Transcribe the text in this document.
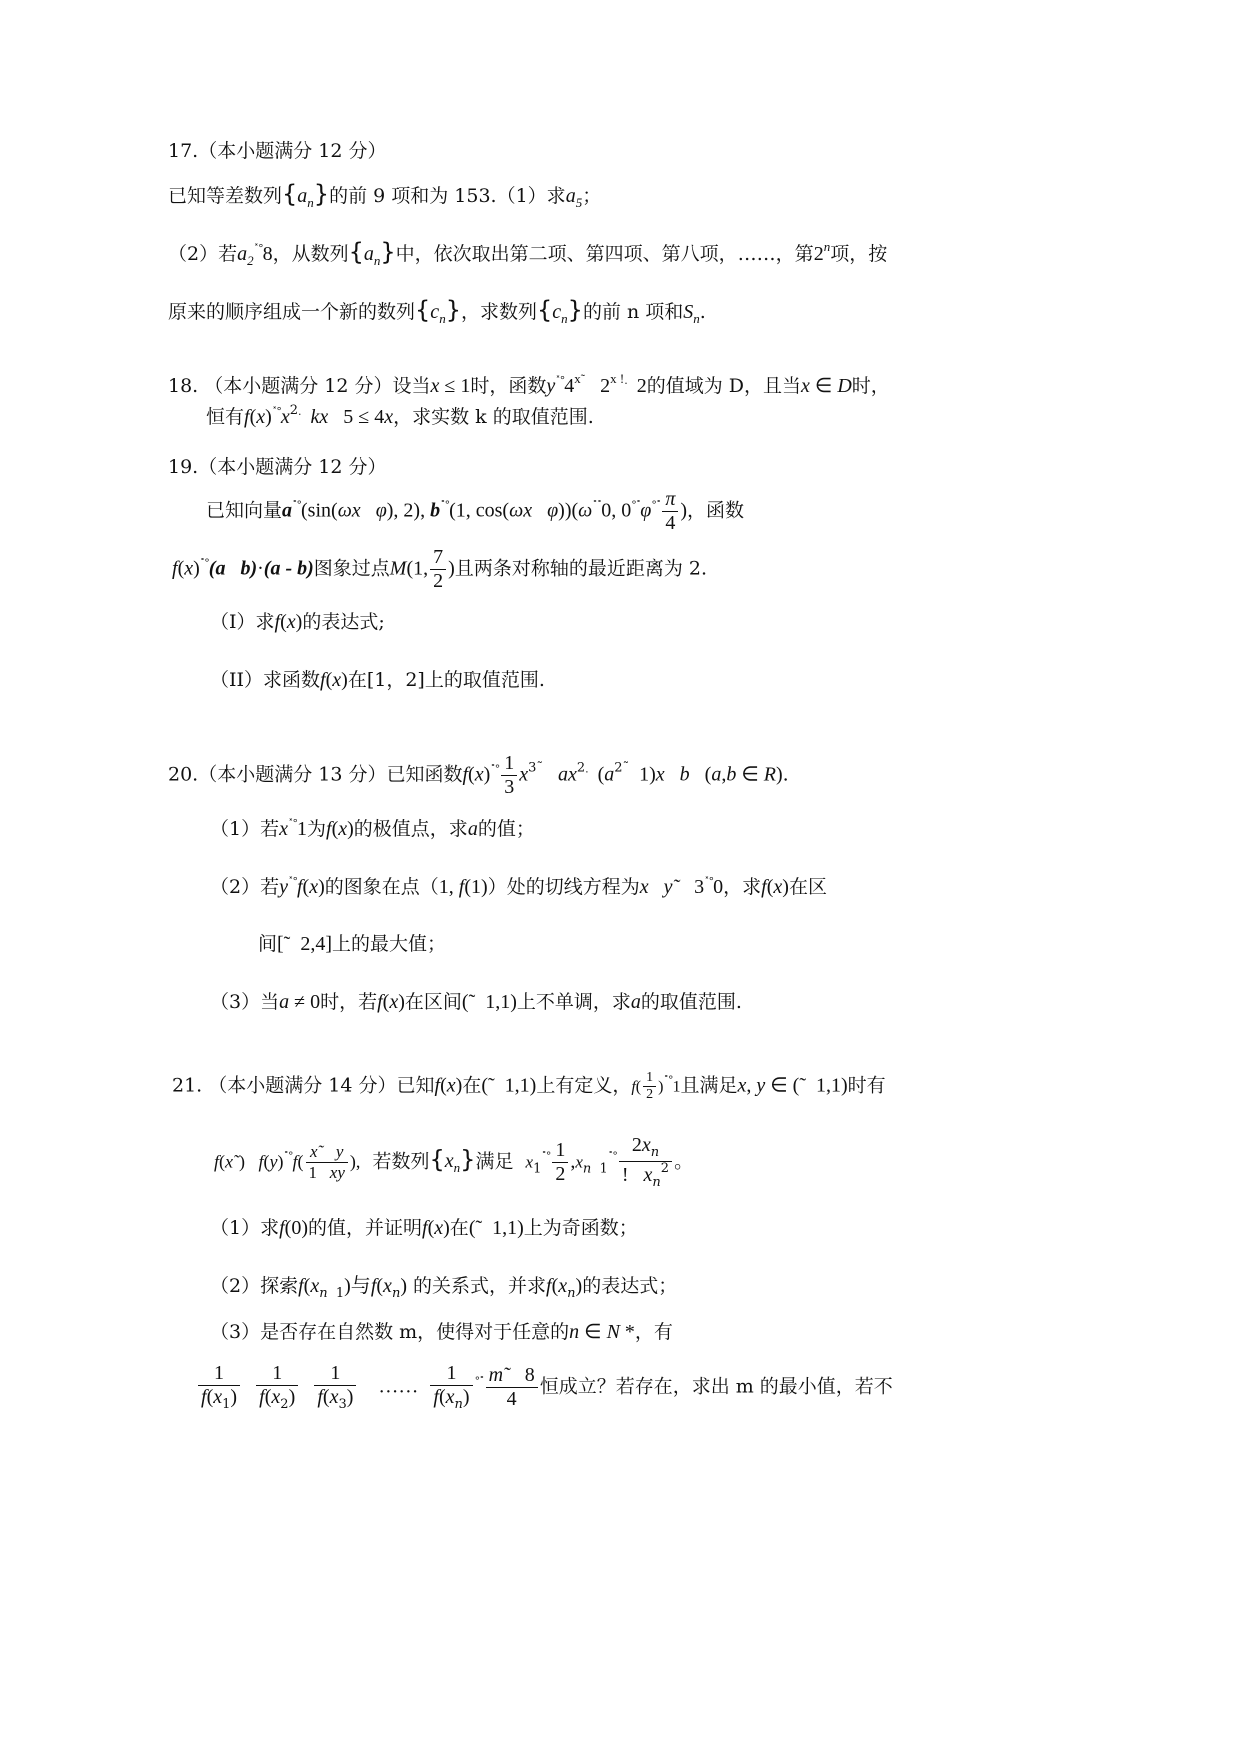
17.（本小题满分 12 分）
已知等差数列$\{a_n\}$的前 9 项和为 153.（1）求$a_5$；
（2）若$a_2^{˟^\circ}8$，从数列$\{a_n\}$中，依次取出第二项、第四项、第八项，……，第2$^n$项，按
原来的顺序组成一个新的数列$\{c_n\}$，求数列$\{c_n\}$的前 n 项和$S_n$.
18. （本小题满分 12 分）设当x ≤ 1时，函数$y^{˟^\circ}4^{x˜}$   $2^{x !.}$  2的值域为 D，且当x ∈ D时，
恒有$f(x)^{˟^\circ}x^{2.}$  kx   5 ≤ 4x，求实数 k 的取值范围.
19.（本小题满分 12 分）
已知向量a˟°(sin(ωx φ), 2), b˟°(1, cos(ωx φ))(ω˟˟0, $0^{^\circ˟}\varphi^{^\circ˟} \frac{\pi}{4}$ )，函数
f(x)˟°(a   b)·(a - b)图象过点M(1, $\frac{7}{2}$ )且两条对称轴的最近距离为 2.
（I）求f(x)的表达式;
（II）求函数f(x)在[1，2]上的取值范围.
20.（本小题满分 13 分）已知函数$f(x)^{˟^\circ} \frac{1}{3} x^{3˜}$   $ax^{2.}$  ($a^{2˜}$  1)x   b   (a,b ∈ R).
（1）若x˟°1为f(x)的极值点，求a的值；
（2）若y˟°f(x)的图象在点（1, f(1)）处的切线方程为x   y˜   3˟°0，求f(x)在区
间[˜  2,4]上的最大值；
（3）当a ≠ 0时，若f(x)在区间(˜  1,1)上不单调，求a的取值范围.
21. （本小题满分 14 分）已知f(x)在(˜  1,1)上有定义，$f( \frac{1}{2} )^{˟^\circ}1$且满足x, y ∈ (˜  1,1)时有
f(x˜)   $f(y)^{˟^\circ}f( \frac{x˜ y}{1 xy}$ ), 若数列$\{x_n\}$满足 $x_1^{˟^\circ} \frac{1}{2} ,x_{n 1}^{˟^\circ} \frac{2x_n}{! x_n^2}$ 。
（1）求f(0)的值，并证明f(x)在(˜  1,1)上为奇函数；
（2）探索$f(x_{n 1})$与$f(x_n)$ 的关系式，并求$f(x_n)$的表达式；
（3）是否存在自然数 m，使得对于任意的n ∈ N *，有
$\frac{1}{f(x_1)}$
$\frac{1}{f(x_2)}$
$\frac{1}{f(x_3)}$ …… $\frac{1}{f(x_n)} ^{^\circ˟} \frac{m˜ 8}{4}$ 恒成立？若存在，求出 m 的最小值，若不
